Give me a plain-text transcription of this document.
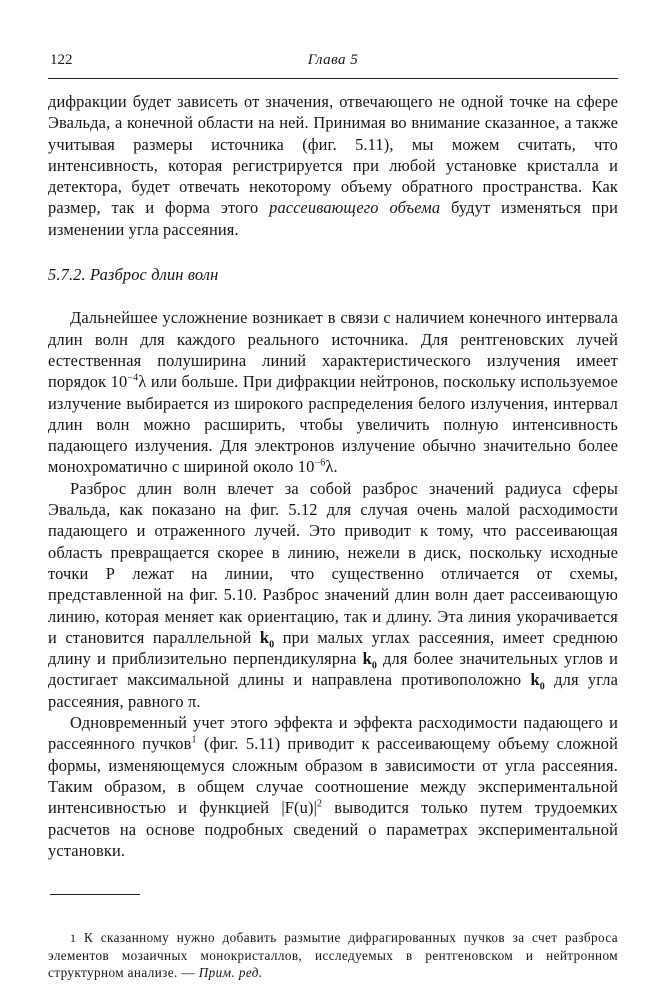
122	Глава 5

дифракции будет зависеть от значения, отвечающего не одной точке на сфере Эвальда, а конечной области на ней. Принимая во внимание сказанное, а также учитывая размеры источника (фиг. 5.11), мы можем считать, что интенсивность, которая регистрируется при любой установке кристалла и детектора, будет отвечать некоторому объему обратного пространства. Как размер, так и форма этого рассеивающего объема будут изменяться при изменении угла рассеяния.

5.7.2. Разброс длин волн

Дальнейшее усложнение возникает в связи с наличием конечного интервала длин волн для каждого реального источника. Для рентгеновских лучей естественная полуширина линий характеристического излучения имеет порядок $10^{-4}\lambda$ или больше. При дифракции нейтронов, поскольку используемое излучение выбирается из широкого распределения белого излучения, интервал длин волн можно расширить, чтобы увеличить полную интенсивность падающего излучения. Для электронов излучение обычно значительно более монохроматично с шириной около $10^{-6}\lambda$.

Разброс длин волн влечет за собой разброс значений радиуса сферы Эвальда, как показано на фиг. 5.12 для случая очень малой расходимости падающего и отраженного лучей. Это приводит к тому, что рассеивающая область превращается скорее в линию, нежели в диск, поскольку исходные точки Р лежат на линии, что существенно отличается от схемы, представленной на фиг. 5.10. Разброс значений длин волн дает рассеивающую линию, которая меняет как ориентацию, так и длину. Эта линия укорачивается и становится параллельной $k_0$ при малых углах рассеяния, имеет среднюю длину и приблизительно перпендикулярна $k_0$ для более значительных углов и достигает максимальной длины и направлена противоположно $k_0$ для угла рассеяния, равного π.

Одновременный учет этого эффекта и эффекта расходимости падающего и рассеянного пучков$^1$ (фиг. 5.11) приводит к рассеивающему объему сложной формы, изменяющемуся сложным образом в зависимости от угла рассеяния. Таким образом, в общем случае соотношение между экспериментальной интенсивностью и функцией $|F(u)|^2$ выводится только путем трудоемких расчетов на основе подробных сведений о параметрах экспериментальной установки.

1 К сказанному нужно добавить размытие дифрагированных пучков за счет разброса элементов мозаичных монокристаллов, исследуемых в рентгеновском и нейтронном структурном анализе. — Прим. ред.
